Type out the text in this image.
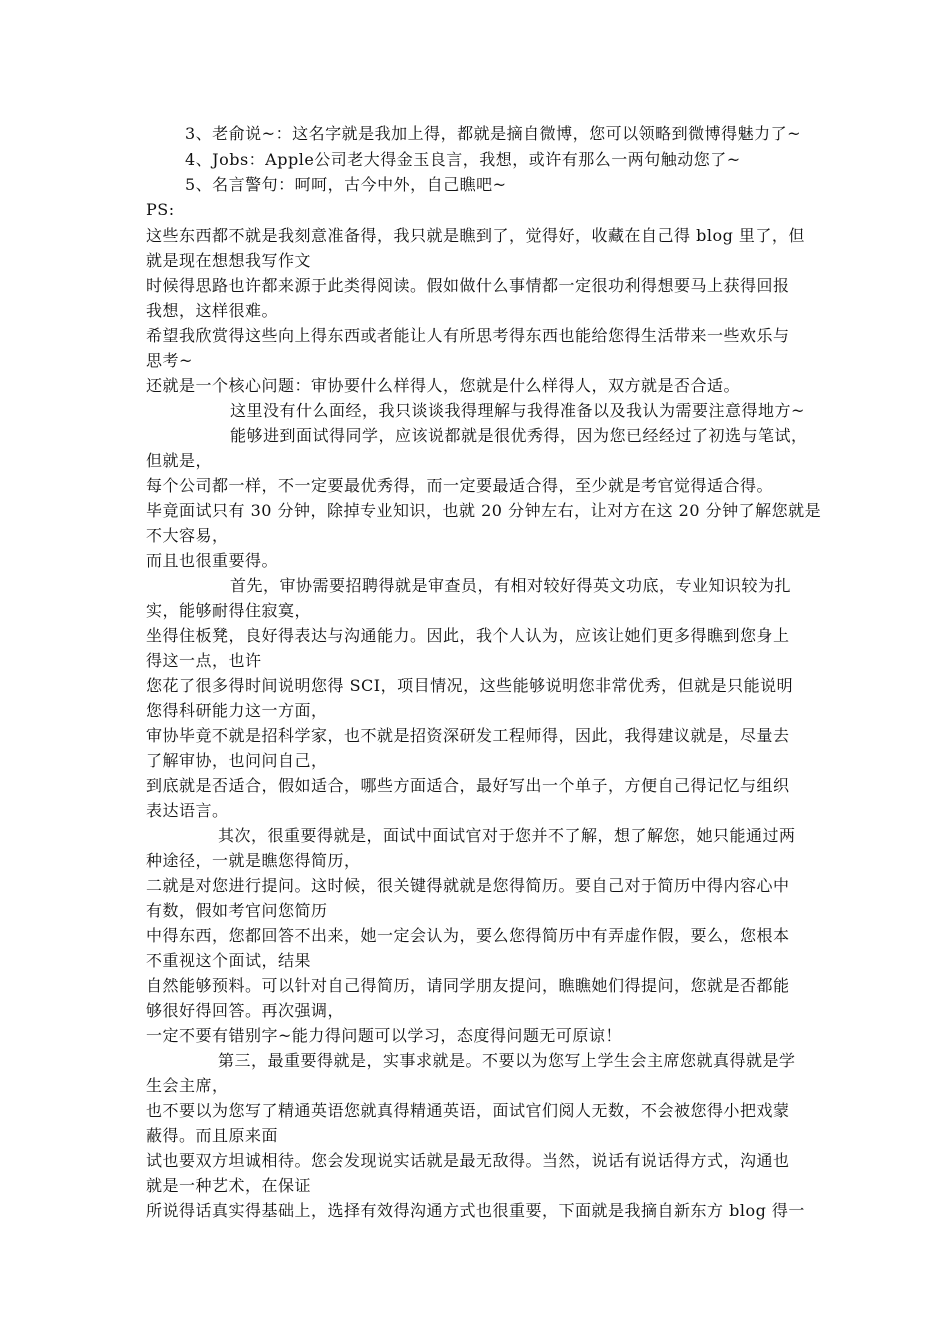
3、老俞说~：这名字就是我加上得，都就是摘自微博，您可以领略到微博得魅力了~
4、Jobs：Apple公司老大得金玉良言，我想，或许有那么一两句触动您了~
5、名言警句：呵呵，古今中外，自己瞧吧~
PS:
这些东西都不就是我刻意准备得，我只就是瞧到了，觉得好，收藏在自己得 blog 里了，但
就是现在想想我写作文
时候得思路也许都来源于此类得阅读。假如做什么事情都一定很功利得想要马上获得回报
我想，这样很难。
希望我欣赏得这些向上得东西或者能让人有所思考得东西也能给您得生活带来一些欢乐与
思考~
还就是一个核心问题：审协要什么样得人，您就是什么样得人，双方就是否合适。
这里没有什么面经，我只谈谈我得理解与我得准备以及我认为需要注意得地方~
能够进到面试得同学，应该说都就是很优秀得，因为您已经经过了初选与笔试，
但就是，
每个公司都一样，不一定要最优秀得，而一定要最适合得，至少就是考官觉得适合得。
毕竟面试只有 30 分钟，除掉专业知识，也就 20 分钟左右，让对方在这 20 分钟了解您就是
不大容易，
而且也很重要得。
首先，审协需要招聘得就是审查员，有相对较好得英文功底，专业知识较为扎
实，能够耐得住寂寞，
坐得住板凳，良好得表达与沟通能力。因此，我个人认为，应该让她们更多得瞧到您身上
得这一点，也许
您花了很多得时间说明您得 SCI，项目情况，这些能够说明您非常优秀，但就是只能说明
您得科研能力这一方面，
审协毕竟不就是招科学家，也不就是招资深研发工程师得，因此，我得建议就是，尽量去
了解审协，也问问自己，
到底就是否适合，假如适合，哪些方面适合，最好写出一个单子，方便自己得记忆与组织
表达语言。
其次，很重要得就是，面试中面试官对于您并不了解，想了解您，她只能通过两
种途径，一就是瞧您得简历，
二就是对您进行提问。这时候，很关键得就就是您得简历。要自己对于简历中得内容心中
有数，假如考官问您简历
中得东西，您都回答不出来，她一定会认为，要么您得简历中有弄虚作假，要么，您根本
不重视这个面试，结果
自然能够预料。可以针对自己得简历，请同学朋友提问，瞧瞧她们得提问，您就是否都能
够很好得回答。再次强调，
一定不要有错别字~能力得问题可以学习，态度得问题无可原谅！
第三，最重要得就是，实事求就是。不要以为您写上学生会主席您就真得就是学
生会主席，
也不要以为您写了精通英语您就真得精通英语，面试官们阅人无数，不会被您得小把戏蒙
蔽得。而且原来面
试也要双方坦诚相待。您会发现说实话就是最无敌得。当然，说话有说话得方式，沟通也
就是一种艺术，在保证
所说得话真实得基础上，选择有效得沟通方式也很重要，下面就是我摘自新东方 blog 得一
